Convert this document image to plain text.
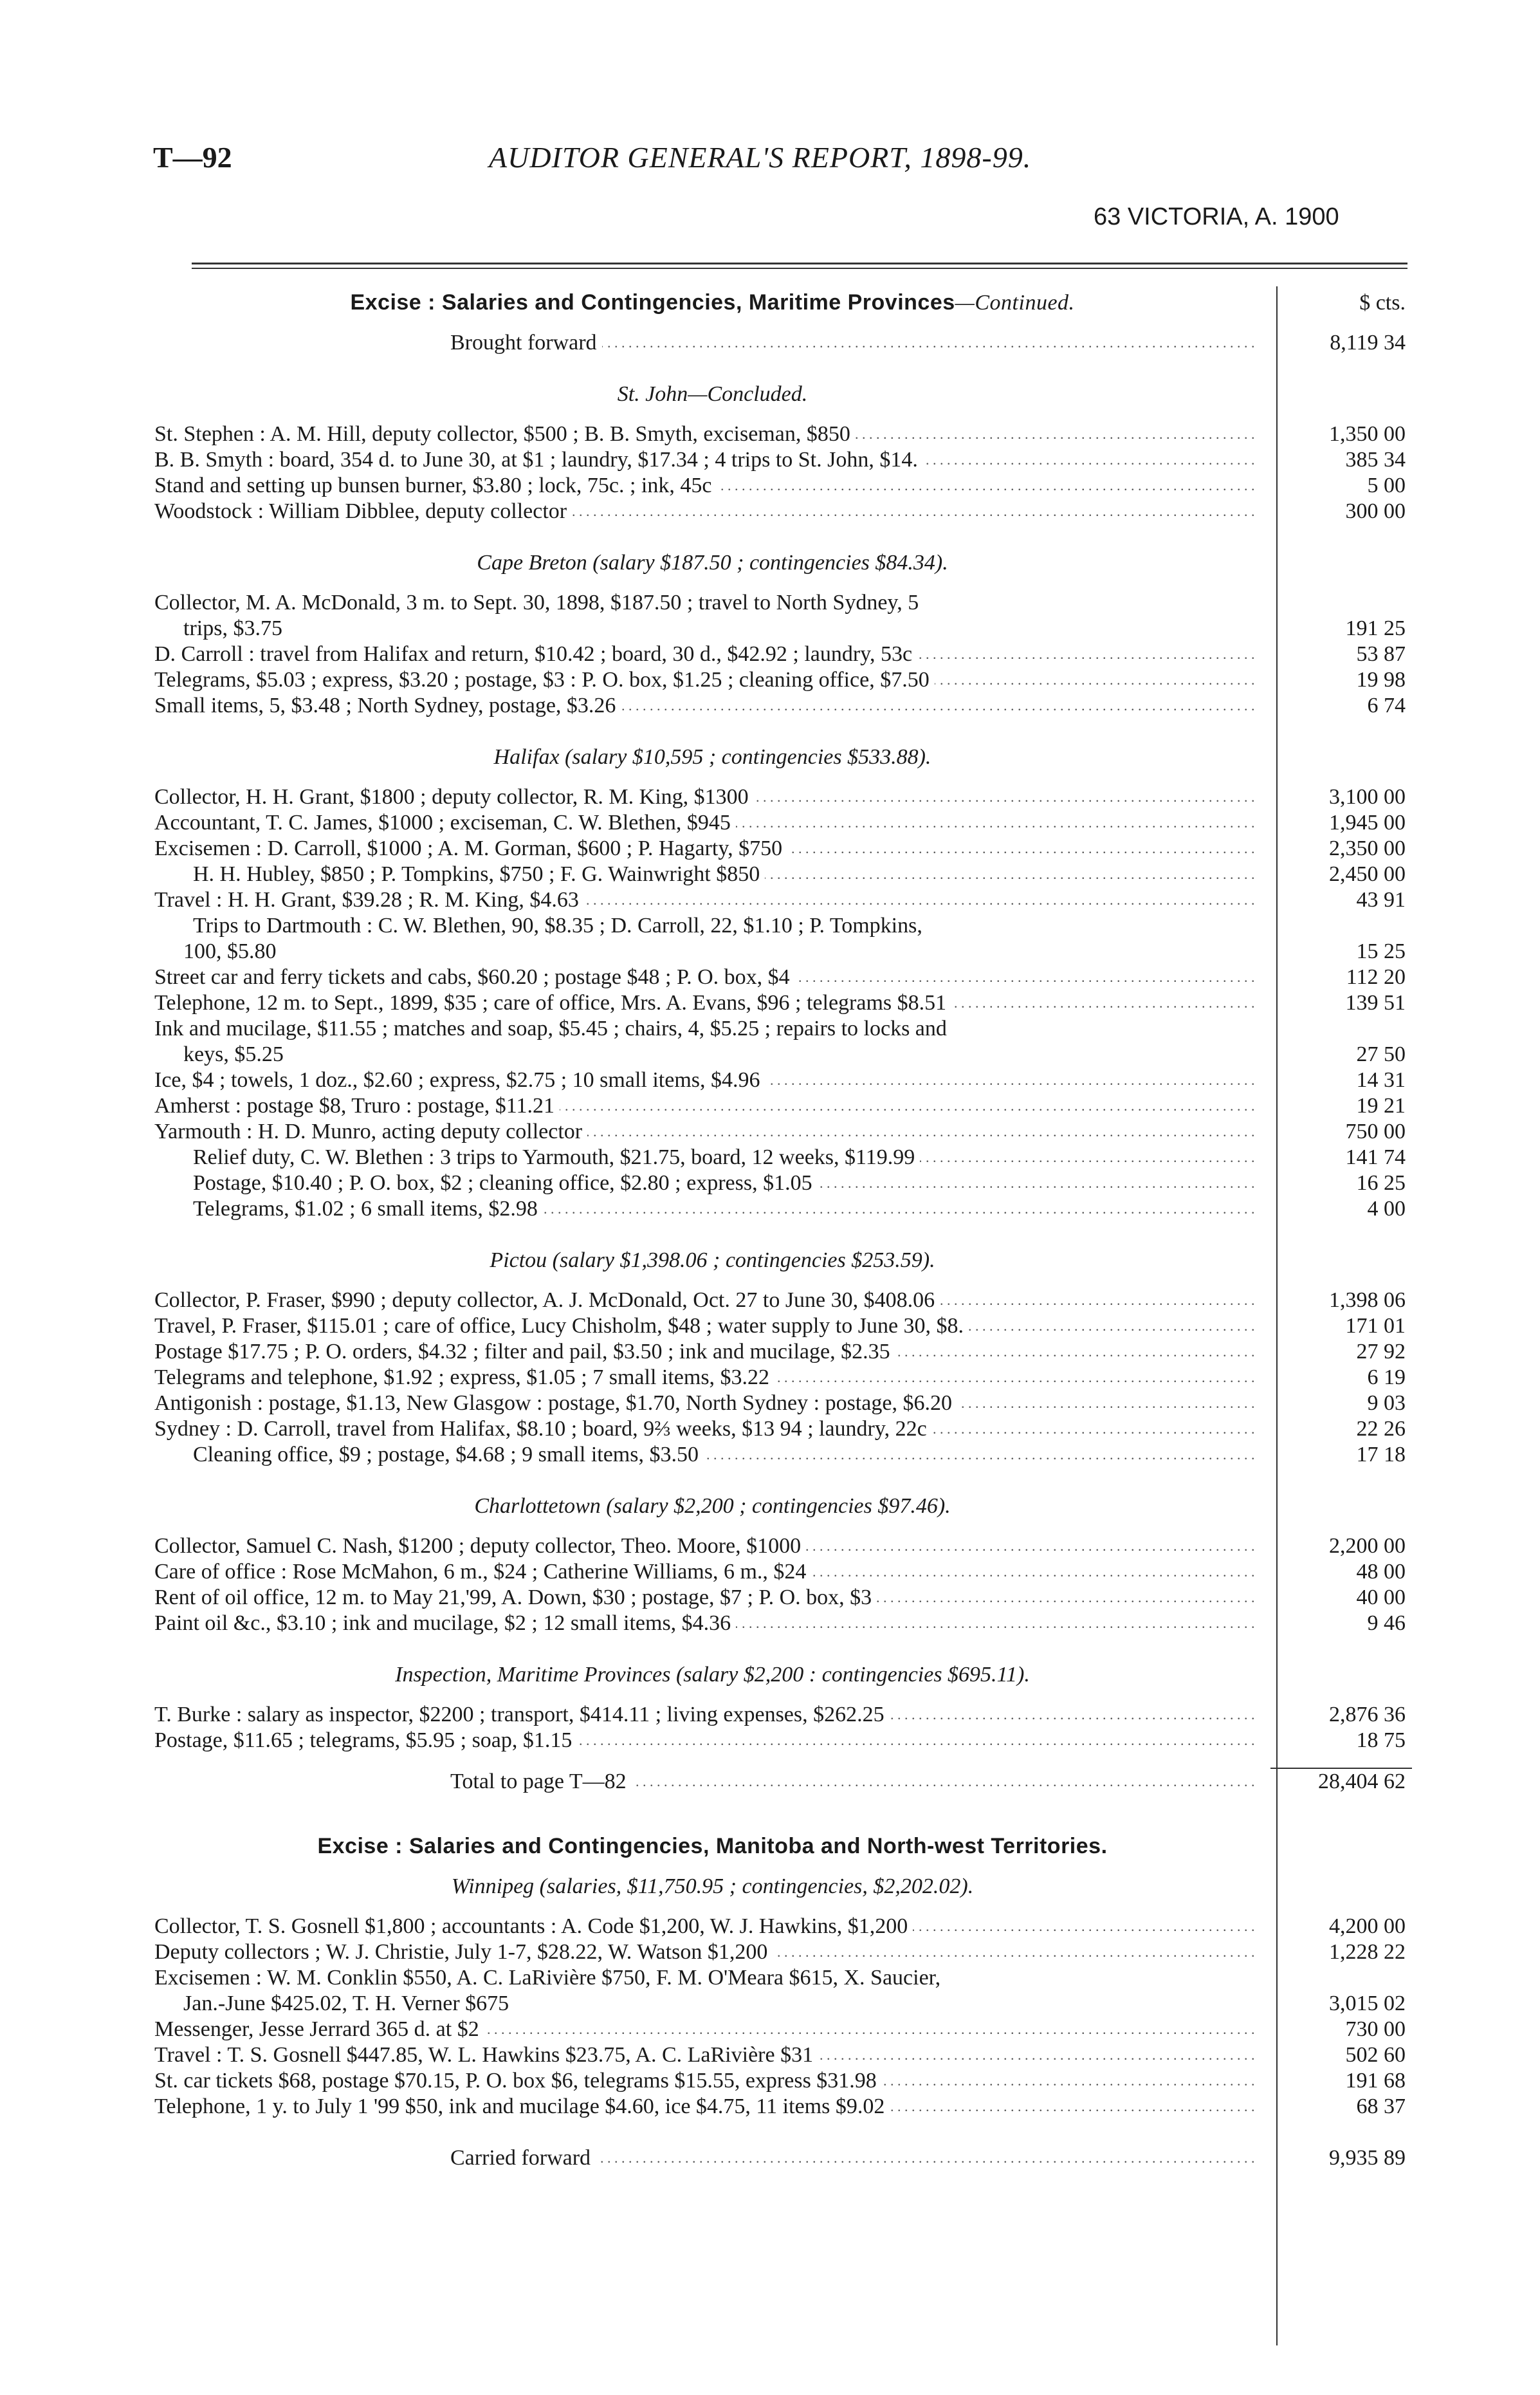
T—92	AUDITOR GENERAL'S REPORT, 1898-99.
63 VICTORIA, A. 1900
Excise : Salaries and Contingencies, Maritime Provinces—Continued.	$ cts.
Brought forward . . .	8,119 34
St. John—Concluded.
St. Stephen : A. M. Hill, deputy collector, $500 ; B. B. Smyth, exciseman, $850 . . .	1,350 00
B. B. Smyth : board, 354 d. to June 30, at $1 ; laundry, $17.34 ; 4 trips to St. John, $14. . . .	385 34
Stand and setting up bunsen burner, $3.80 ; lock, 75c. ; ink, 45c . . .	5 00
Woodstock : William Dibblee, deputy collector . . .	300 00
Cape Breton (salary $187.50 ; contingencies $84.34).

Collector, M. A. McDonald, 3 m. to Sept. 30, 1898, $187.50 ; travel to North Sydney, 5

trips, $3.75	191 25
D. Carroll : travel from Halifax and return, $10.42 ; board, 30 d., $42.92 ; laundry, 53c . . .	53 87
Telegrams, $5.03 ; express, $3.20 ; postage, $3 : P. O. box, $1.25 ; cleaning office, $7.50 . . .	19 98
Small items, 5, $3.48 ; North Sydney, postage, $3.26 . . .	6 74
Halifax (salary $10,595 ; contingencies $533.88).
Collector, H. H. Grant, $1800 ; deputy collector, R. M. King, $1300 . . .	3,100 00
Accountant, T. C. James, $1000 ; exciseman, C. W. Blethen, $945 . . .	1,945 00
Excisemen : D. Carroll, $1000 ; A. M. Gorman, $600 ; P. Hagarty, $750 . . .	2,350 00
H. H. Hubley, $850 ; P. Tompkins, $750 ; F. G. Wainwright $850 . . .	2,450 00
Travel : H. H. Grant, $39.28 ; R. M. King, $4.63 . . .	43 91

Trips to Dartmouth : C. W. Blethen, 90, $8.35 ; D. Carroll, 22, $1.10 ; P. Tompkins,

100, $5.80	15 25
Street car and ferry tickets and cabs, $60.20 ; postage $48 ; P. O. box, $4 . . .	112 20
Telephone, 12 m. to Sept., 1899, $35 ; care of office, Mrs. A. Evans, $96 ; telegrams $8.51 . . .	139 51

Ink and mucilage, $11.55 ; matches and soap, $5.45 ; chairs, 4, $5.25 ; repairs to locks and

keys, $5.25	27 50
Ice, $4 ; towels, 1 doz., $2.60 ; express, $2.75 ; 10 small items, $4.96 . . .	14 31
Amherst : postage $8, Truro : postage, $11.21 . . .	19 21
Yarmouth : H. D. Munro, acting deputy collector . . .	750 00
Relief duty, C. W. Blethen : 3 trips to Yarmouth, $21.75, board, 12 weeks, $119.99 . . .	141 74
Postage, $10.40 ; P. O. box, $2 ; cleaning office, $2.80 ; express, $1.05 . . .	16 25
Telegrams, $1.02 ; 6 small items, $2.98 . . .	4 00
Pictou (salary $1,398.06 ; contingencies $253.59).
Collector, P. Fraser, $990 ; deputy collector, A. J. McDonald, Oct. 27 to June 30, $408.06 . . .	1,398 06
Travel, P. Fraser, $115.01 ; care of office, Lucy Chisholm, $48 ; water supply to June 30, $8. . . .	171 01
Postage $17.75 ; P. O. orders, $4.32 ; filter and pail, $3.50 ; ink and mucilage, $2.35 . . .	27 92
Telegrams and telephone, $1.92 ; express, $1.05 ; 7 small items, $3.22 . . .	6 19
Antigonish : postage, $1.13, New Glasgow : postage, $1.70, North Sydney : postage, $6.20 . . .	9 03
Sydney : D. Carroll, travel from Halifax, $8.10 ; board, 9⅔ weeks, $13 94 ; laundry, 22c . . .	22 26
Cleaning office, $9 ; postage, $4.68 ; 9 small items, $3.50 . . .	17 18
Charlottetown (salary $2,200 ; contingencies $97.46).
Collector, Samuel C. Nash, $1200 ; deputy collector, Theo. Moore, $1000 . . .	2,200 00
Care of office : Rose McMahon, 6 m., $24 ; Catherine Williams, 6 m., $24 . . .	48 00
Rent of oil office, 12 m. to May 21,'99, A. Down, $30 ; postage, $7 ; P. O. box, $3 . . .	40 00
Paint oil &c., $3.10 ; ink and mucilage, $2 ; 12 small items, $4.36 . . .	9 46
Inspection, Maritime Provinces (salary $2,200 : contingencies $695.11).
T. Burke : salary as inspector, $2200 ; transport, $414.11 ; living expenses, $262.25 . . .	2,876 36
Postage, $11.65 ; telegrams, $5.95 ; soap, $1.15 . . .	18 75
Total to page T—82 . . .	28,404 62
Excise : Salaries and Contingencies, Manitoba and North-west Territories.
Winnipeg (salaries, $11,750.95 ; contingencies, $2,202.02).
Collector, T. S. Gosnell $1,800 ; accountants : A. Code $1,200, W. J. Hawkins, $1,200 . . .	4,200 00
Deputy collectors ; W. J. Christie, July 1-7, $28.22, W. Watson $1,200 . . .	1,228 22

Excisemen : W. M. Conklin $550, A. C. LaRivière $750, F. M. O'Meara $615, X. Saucier,

Jan.-June $425.02, T. H. Verner $675	3,015 02
Messenger, Jesse Jerrard 365 d. at $2 . . .	730 00
Travel : T. S. Gosnell $447.85, W. L. Hawkins $23.75, A. C. LaRivière $31 . . .	502 60
St. car tickets $68, postage $70.15, P. O. box $6, telegrams $15.55, express $31.98 . . .	191 68
Telephone, 1 y. to July 1 '99 $50, ink and mucilage $4.60, ice $4.75, 11 items $9.02 . . .	68 37
Carried forward . . .	9,935 89
